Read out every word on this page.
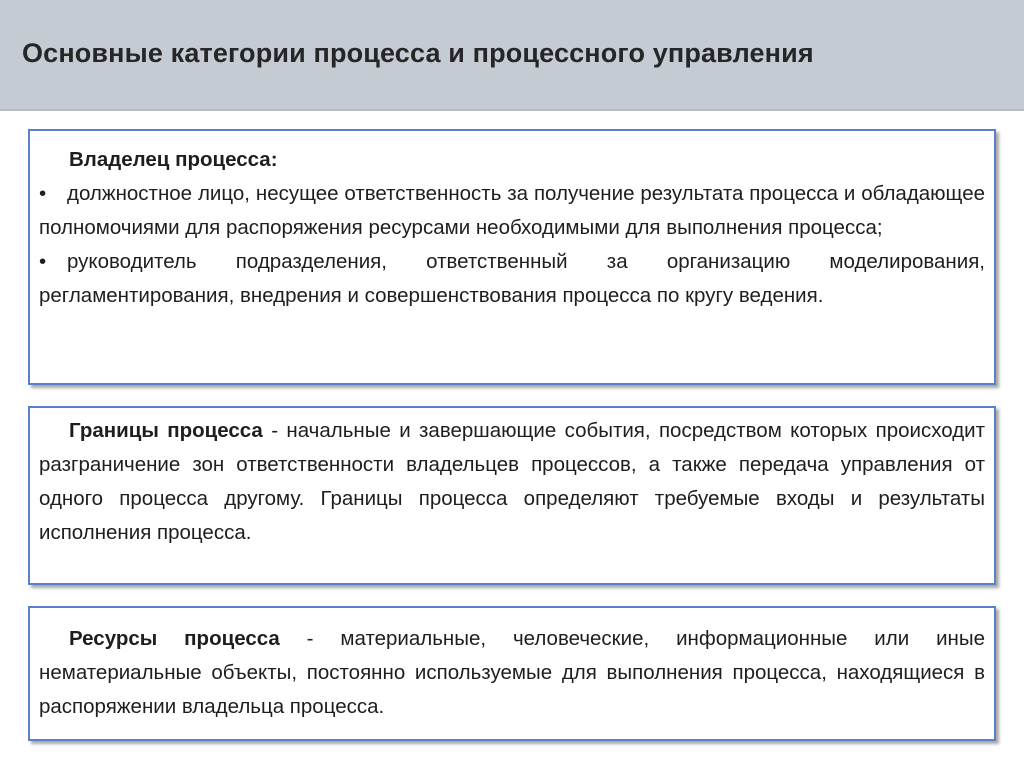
Основные категории процесса и процессного управления

Владелец процесса:

• должностное лицо, несущее ответственность за получение результата процесса и обладающее полномочиями для распоряжения ресурсами необходимыми для выполнения процесса;

• руководитель подразделения, ответственный за организацию моделирования, регламентирования, внедрения и совершенствования процесса по кругу ведения.

Границы процесса - начальные и завершающие события, посредством которых происходит разграничение зон ответственности владельцев процессов, а также передача управления от одного процесса другому. Границы процесса определяют требуемые входы и результаты исполнения процесса.

Ресурсы процесса - материальные, человеческие, информационные или иные нематериальные объекты, постоянно используемые для выполнения процесса, находящиеся в распоряжении владельца процесса.
